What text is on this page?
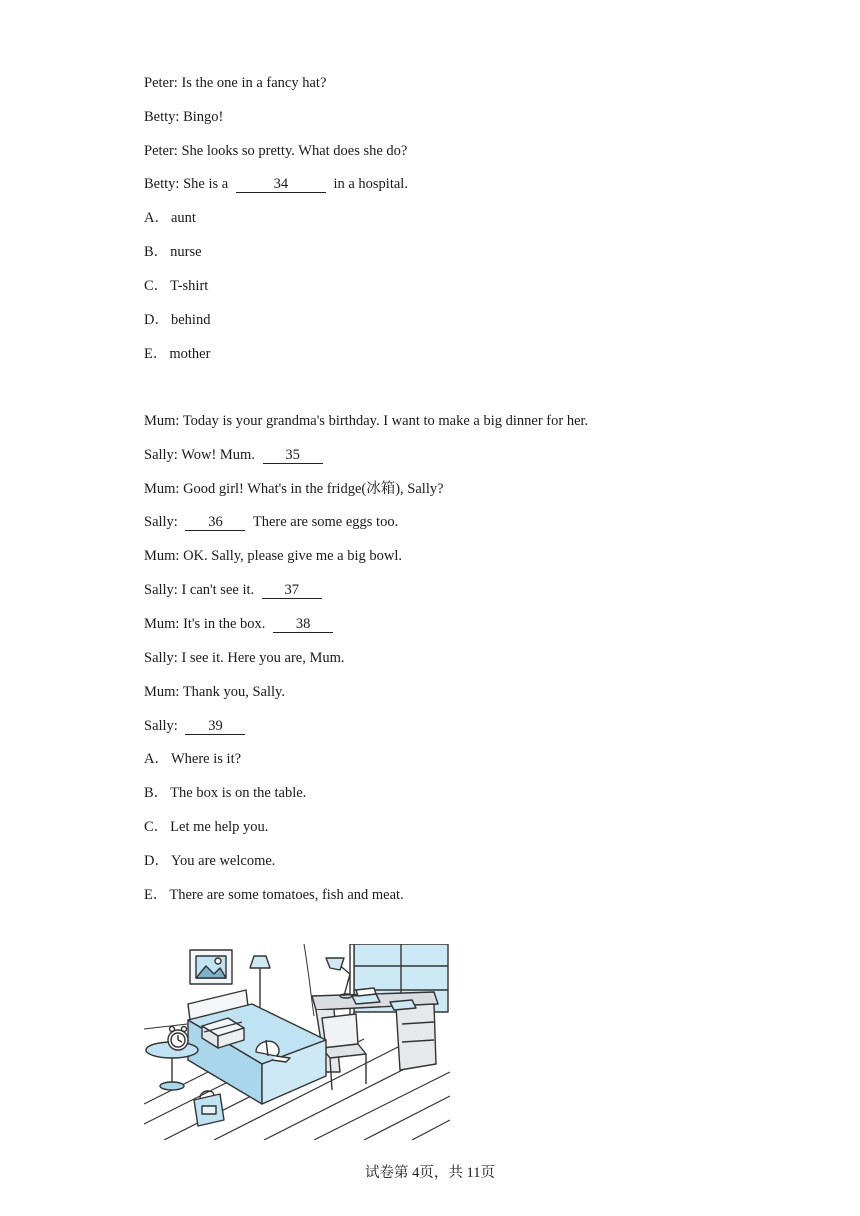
Peter: Is the one in a fancy hat?
Betty: Bingo!
Peter: She looks so pretty. What does she do?
Betty: She is a	34	in a hospital.
A． aunt
B． nurse
C． T-shirt
D． behind
E． mother
Mum: Today is your grandma's birthday. I want to make a big dinner for her.
Sally: Wow! Mum. 35
Mum: Good girl! What's in the fridge(冰箱), Sally?
Sally: 36 There are some eggs too.
Mum: OK. Sally, please give me a big bowl.
Sally: I can't see it. 37
Mum: It's in the box. 38
Sally: I see it. Here you are, Mum.
Mum: Thank you, Sally.
Sally: 39
A． Where is it?
B． The box is on the table.
C． Let me help you.
D． You are welcome.
E． There are some tomatoes, fish and meat.
试卷第 4页，共 11页
